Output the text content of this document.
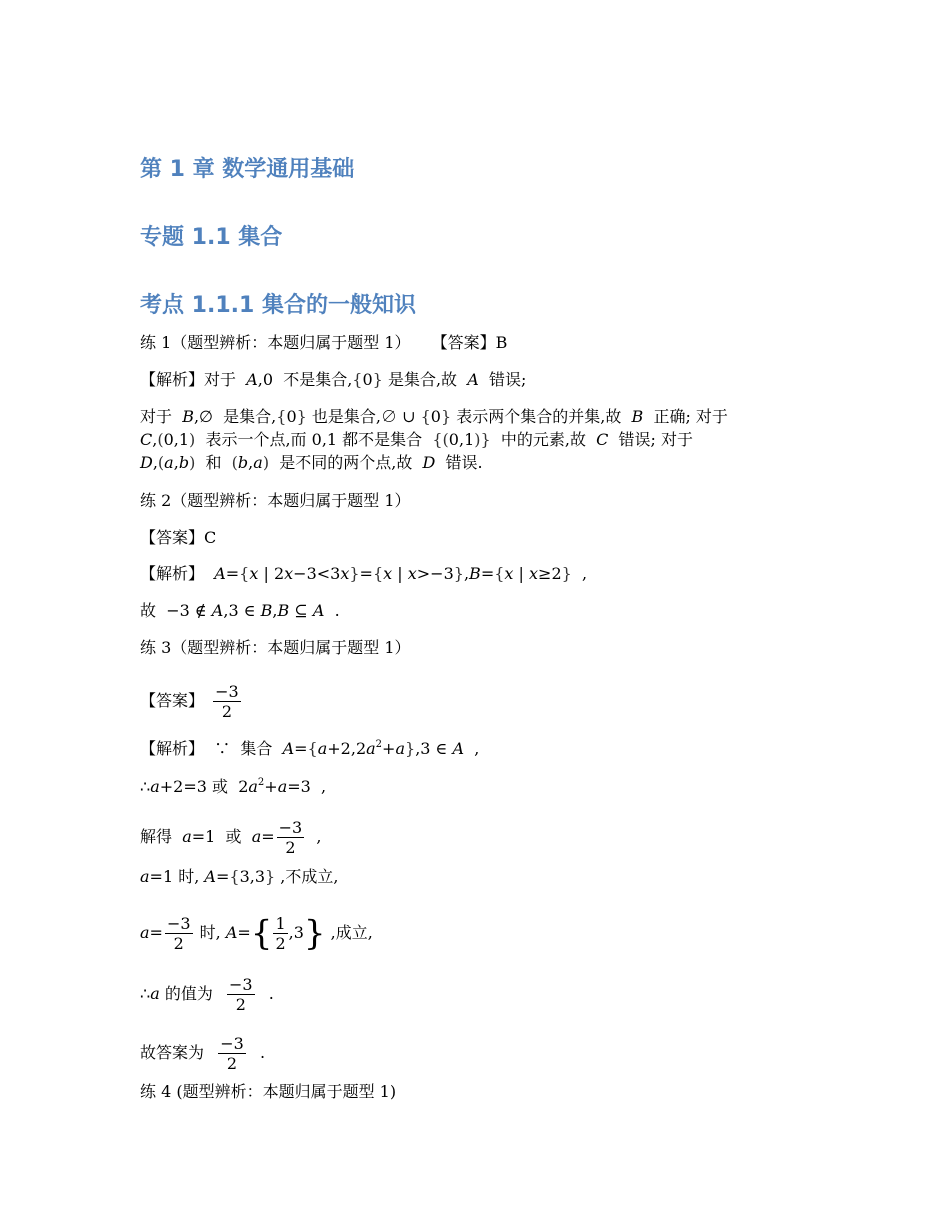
第 1 章 数学通用基础
专题 1.1 集合
考点 1.1.1 集合的一般知识
练 1（题型辨析：本题归属于题型 1） 【答案】B
【解析】对于 A,0  不是集合,{0} 是集合,故 A 错误;
对于 B,∅  是集合,{0} 也是集合,∅ ∪ {0} 表示两个集合的并集,故 B 正确; 对于
C,(0,1) 表示一个点,而 0,1 都不是集合 {(0,1)} 中的元素,故 C 错误; 对于
D,(a,b) 和 (b,a) 是不同的两个点,故 D 错误.
练 2（题型辨析：本题归属于题型 1）
【答案】C
【解析】 A={x | 2x−3<3x}={x | x>−3},B={x | x≥2}  ,
故  −3 ∉ A,3 ∈ B,B ⊆ A  .
练 3（题型辨析：本题归属于题型 1）
【答案】 $\frac{-3}{2}$
【解析】 ∵ 集合 $A=\{a+2,2a^2+a\},3$ ∈ A  ,
∴a+2=3 或  $2a^2+a=3$  ,
解得 a=1  或 $a= \frac{-3}{2}$ ,
a=1 时, A={3,3} ,不成立,
$a= \frac{-3}{2}$ 时, $A=\{ \frac{1}{2} ,3\}$ ,成立,
∴a 的值为 $\frac{-3}{2}$ .
故答案为 $\frac{-3}{2}$ .
练 4 (题型辨析：本题归属于题型 1)
